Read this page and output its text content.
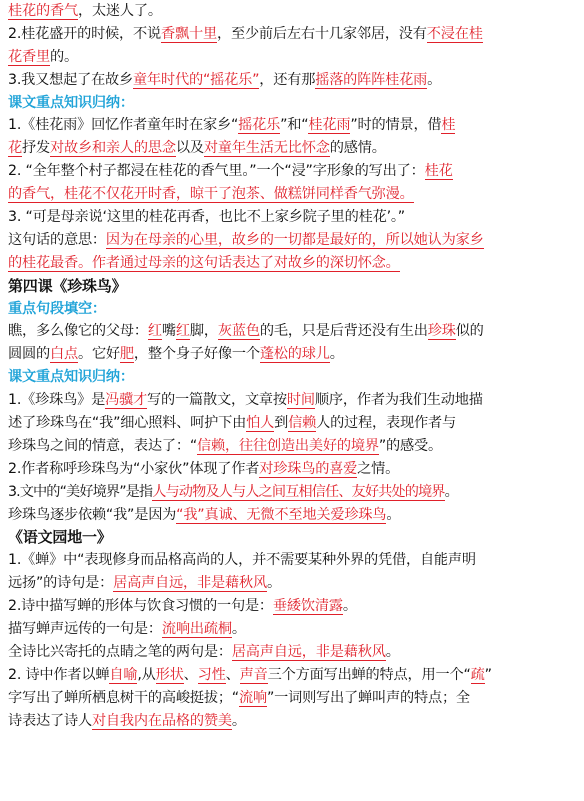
桂花的香气，太迷人了。
2.桂花盛开的时候，不说香飘十里，至少前后左右十几家邻居，没有不浸在桂
花香里的。
3.我又想起了在故乡童年时代的“摇花乐”，还有那摇落的阵阵桂花雨。
课文重点知识归纳：
1.《桂花雨》回忆作者童年时在家乡“摇花乐”和“桂花雨”时的情景，借桂
花抒发对故乡和亲人的思念以及对童年生活无比怀念的感情。
2. “全年整个村子都浸在桂花的香气里。”一个“浸”字形象的写出了：桂花
的香气，桂花不仅花开时香，晾干了泡茶、做糕饼同样香气弥漫。
3. “可是母亲说‘这里的桂花再香，也比不上家乡院子里的桂花’。”
这句话的意思：因为在母亲的心里，故乡的一切都是最好的，所以她认为家乡
的桂花最香。作者通过母亲的这句话表达了对故乡的深切怀念。
第四课《珍珠鸟》
重点句段填空：
瞧，多么像它的父母：红嘴红脚，灰蓝色的毛，只是后背还没有生出珍珠似的
圆圆的白点。它好肥，整个身子好像一个蓬松的球儿。
课文重点知识归纳：
1.《珍珠鸟》是冯骥才写的一篇散文，文章按时间顺序，作者为我们生动地描
述了珍珠鸟在“我”细心照料、呵护下由怕人到信赖人的过程，表现作者与
珍珠鸟之间的情意，表达了：“信赖，往往创造出美好的境界”的感受。
2.作者称呼珍珠鸟为“小家伙”体现了作者对珍珠鸟的喜爱之情。
3.文中的“美好境界”是指人与动物及人与人之间互相信任、友好共处的境界。
珍珠鸟逐步依赖“我”是因为“我”真诚、无微不至地关爱珍珠鸟。
《语文园地一》
1.《蝉》中“表现修身而品格高尚的人，并不需要某种外界的凭借，自能声明
远扬”的诗句是：居高声自远，非是藉秋风。
2.诗中描写蝉的形体与饮食习惯的一句是：垂緌饮清露。
描写蝉声远传的一句是：流响出疏桐。
全诗比兴寄托的点睛之笔的两句是：居高声自远，非是藉秋风。
2. 诗中作者以蝉自喻,从形状、习性、声音三个方面写出蝉的特点，用一个“疏”
字写出了蝉所栖息树干的高峻挺拔；“流响”一词则写出了蝉叫声的特点；全
诗表达了诗人对自我内在品格的赞美。
